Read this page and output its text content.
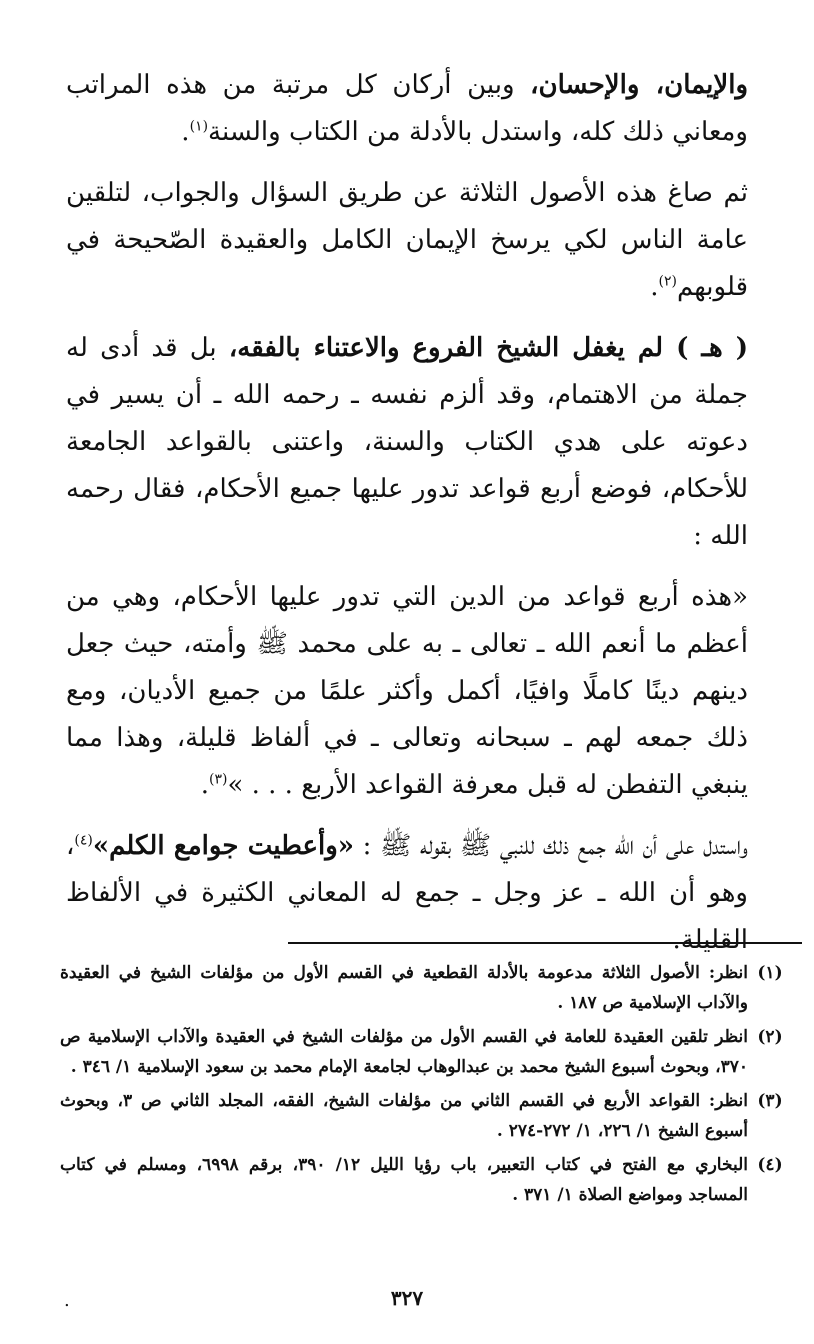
والإيمان، والإحسان، وبين أركان كل مرتبة من هذه المراتب ومعاني ذلك كله، واستدل بالأدلة من الكتاب والسنة$^{(١)}$.

ثم صاغ هذه الأصول الثلاثة عن طريق السؤال والجواب، لتلقين عامة الناس لكي يرسخ الإيمان الكامل والعقيدة الصّحيحة في قلوبهم$^{(٢)}$.

( هـ ) لم يغفل الشيخ الفروع والاعتناء بالفقه، بل قد أدى له جملة من الاهتمام، وقد ألزم نفسه ـ رحمه الله ـ أن يسير في دعوته على هدي الكتاب والسنة، واعتنى بالقواعد الجامعة للأحكام، فوضع أربع قواعد تدور عليها جميع الأحكام، فقال رحمه الله :

«هذه أربع قواعد من الدين التي تدور عليها الأحكام، وهي من أعظم ما أنعم الله ـ تعالى ـ به على محمد ﷺ وأمته، حيث جعل دينهم دينًا كاملًا وافيًا، أكمل وأكثر علمًا من جميع الأديان، ومع ذلك جمعه لهم ـ سبحانه وتعالى ـ في ألفاظ قليلة، وهذا مما ينبغي التفطن له قبل معرفة القواعد الأربع . . . »$^{(٣)}$.

واستدل على أن الله جمع ذلك للنبي ﷺ بقوله ﷺ : «وأعطيت جوامع الكلم»$^{(٤)}$، وهو أن الله ـ عز وجل ـ جمع له المعاني الكثيرة في الألفاظ القليلة.

(١)
انظر: الأصول الثلاثة مدعومة بالأدلة القطعية في القسم الأول من مؤلفات الشيخ في العقيدة والآداب الإسلامية ص ١٨٧ .
(٢)
انظر تلقين العقيدة للعامة في القسم الأول من مؤلفات الشيخ في العقيدة والآداب الإسلامية ص ٣٧٠، وبحوث أسبوع الشيخ محمد بن عبدالوهاب لجامعة الإمام محمد بن سعود الإسلامية ١/ ٣٤٦ .
(٣)
انظر: القواعد الأربع في القسم الثاني من مؤلفات الشيخ، الفقه، المجلد الثاني ص ٣، وبحوث أسبوع الشيخ ١/ ٢٢٦، ١/ ٢٧٢-٢٧٤ .
(٤)
البخاري مع الفتح في كتاب التعبير، باب رؤيا الليل ١٢/ ٣٩٠، برقم ٦٩٩٨، ومسلم في كتاب المساجد ومواضع الصلاة ١/ ٣٧١ .
٣٢٧
.
